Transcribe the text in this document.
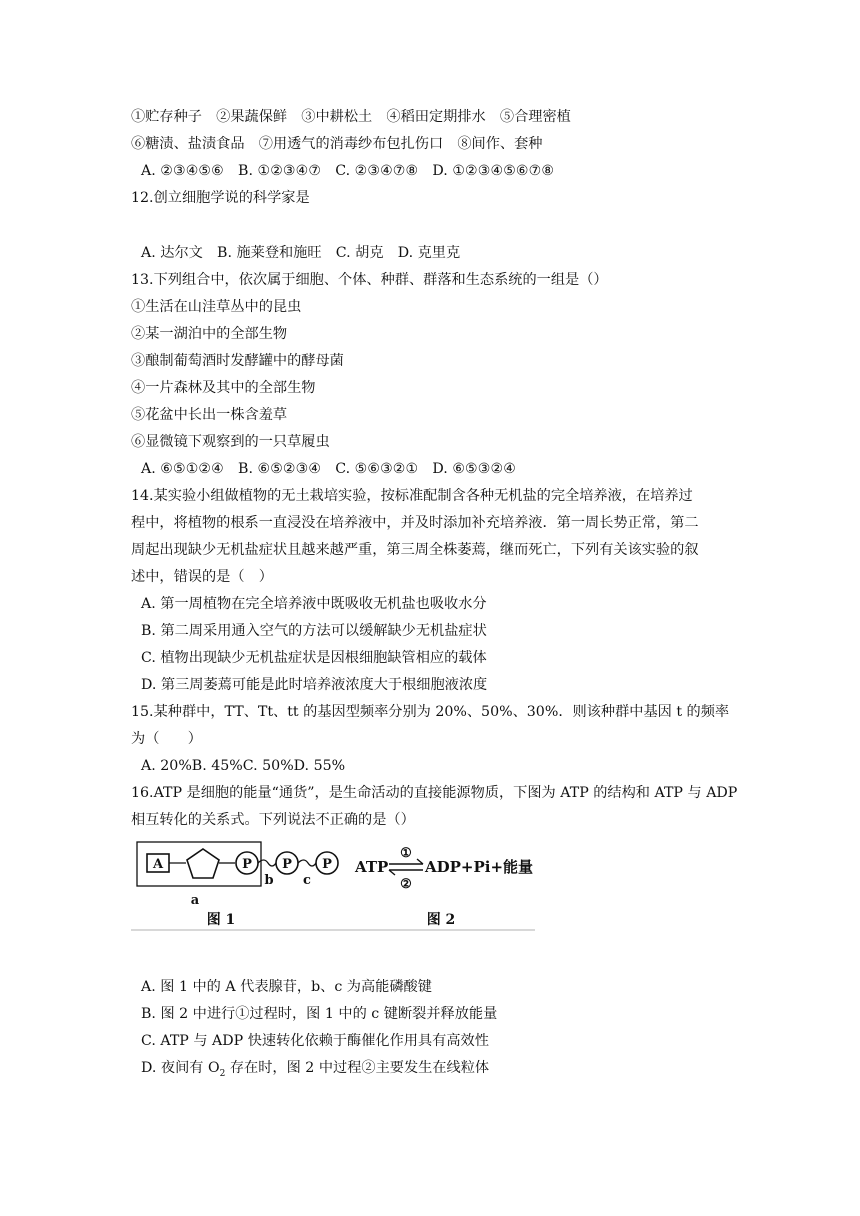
①贮存种子　②果蔬保鲜　③中耕松土　④稻田定期排水　⑤合理密植
⑥糖渍、盐渍食品　⑦用透气的消毒纱布包扎伤口　⑧间作、套种
A. ②③④⑤⑥　B. ①②③④⑦　C. ②③④⑦⑧　D. ①②③④⑤⑥⑦⑧
12.创立细胞学说的科学家是
A. 达尔文　B. 施莱登和施旺　C. 胡克　D. 克里克
13.下列组合中，依次属于细胞、个体、种群、群落和生态系统的一组是（）
①生活在山洼草丛中的昆虫
②某一湖泊中的全部生物
③酿制葡萄酒时发酵罐中的酵母菌
④一片森林及其中的全部生物
⑤花盆中长出一株含羞草
⑥显微镜下观察到的一只草履虫
A. ⑥⑤①②④　B. ⑥⑤②③④　C. ⑤⑥③②①　D. ⑥⑤③②④
14.某实验小组做植物的无土栽培实验，按标准配制含各种无机盐的完全培养液，在培养过
程中，将植物的根系一直浸没在培养液中，并及时添加补充培养液．第一周长势正常，第二
周起出现缺少无机盐症状且越来越严重，第三周全株萎蔫，继而死亡，下列有关该实验的叙
述中，错误的是（　）
A. 第一周植物在完全培养液中既吸收无机盐也吸收水分
B. 第二周采用通入空气的方法可以缓解缺少无机盐症状
C. 植物出现缺少无机盐症状是因根细胞缺管相应的载体
D. 第三周萎蔫可能是此时培养液浓度大于根细胞液浓度
15.某种群中，TT、Tt、tt 的基因型频率分别为 20%、50%、30%．则该种群中基因 t 的频率
为（　　）
A. 20%B. 45%C. 50%D. 55%
16.ATP 是细胞的能量“通货”，是生命活动的直接能源物质，下图为 ATP 的结构和 ATP 与 ADP
相互转化的关系式。下列说法不正确的是（）
A	P P P
b c
a
图 1
ATP
①
②
ADP+Pi+能量
图 2
A. 图 1 中的 A 代表腺苷，b、c 为高能磷酸键
B. 图 2 中进行①过程时，图 1 中的 c 键断裂并释放能量
C. ATP 与 ADP 快速转化依赖于酶催化作用具有高效性
D. 夜间有 $O_2$ 存在时，图 2 中过程②主要发生在线粒体
